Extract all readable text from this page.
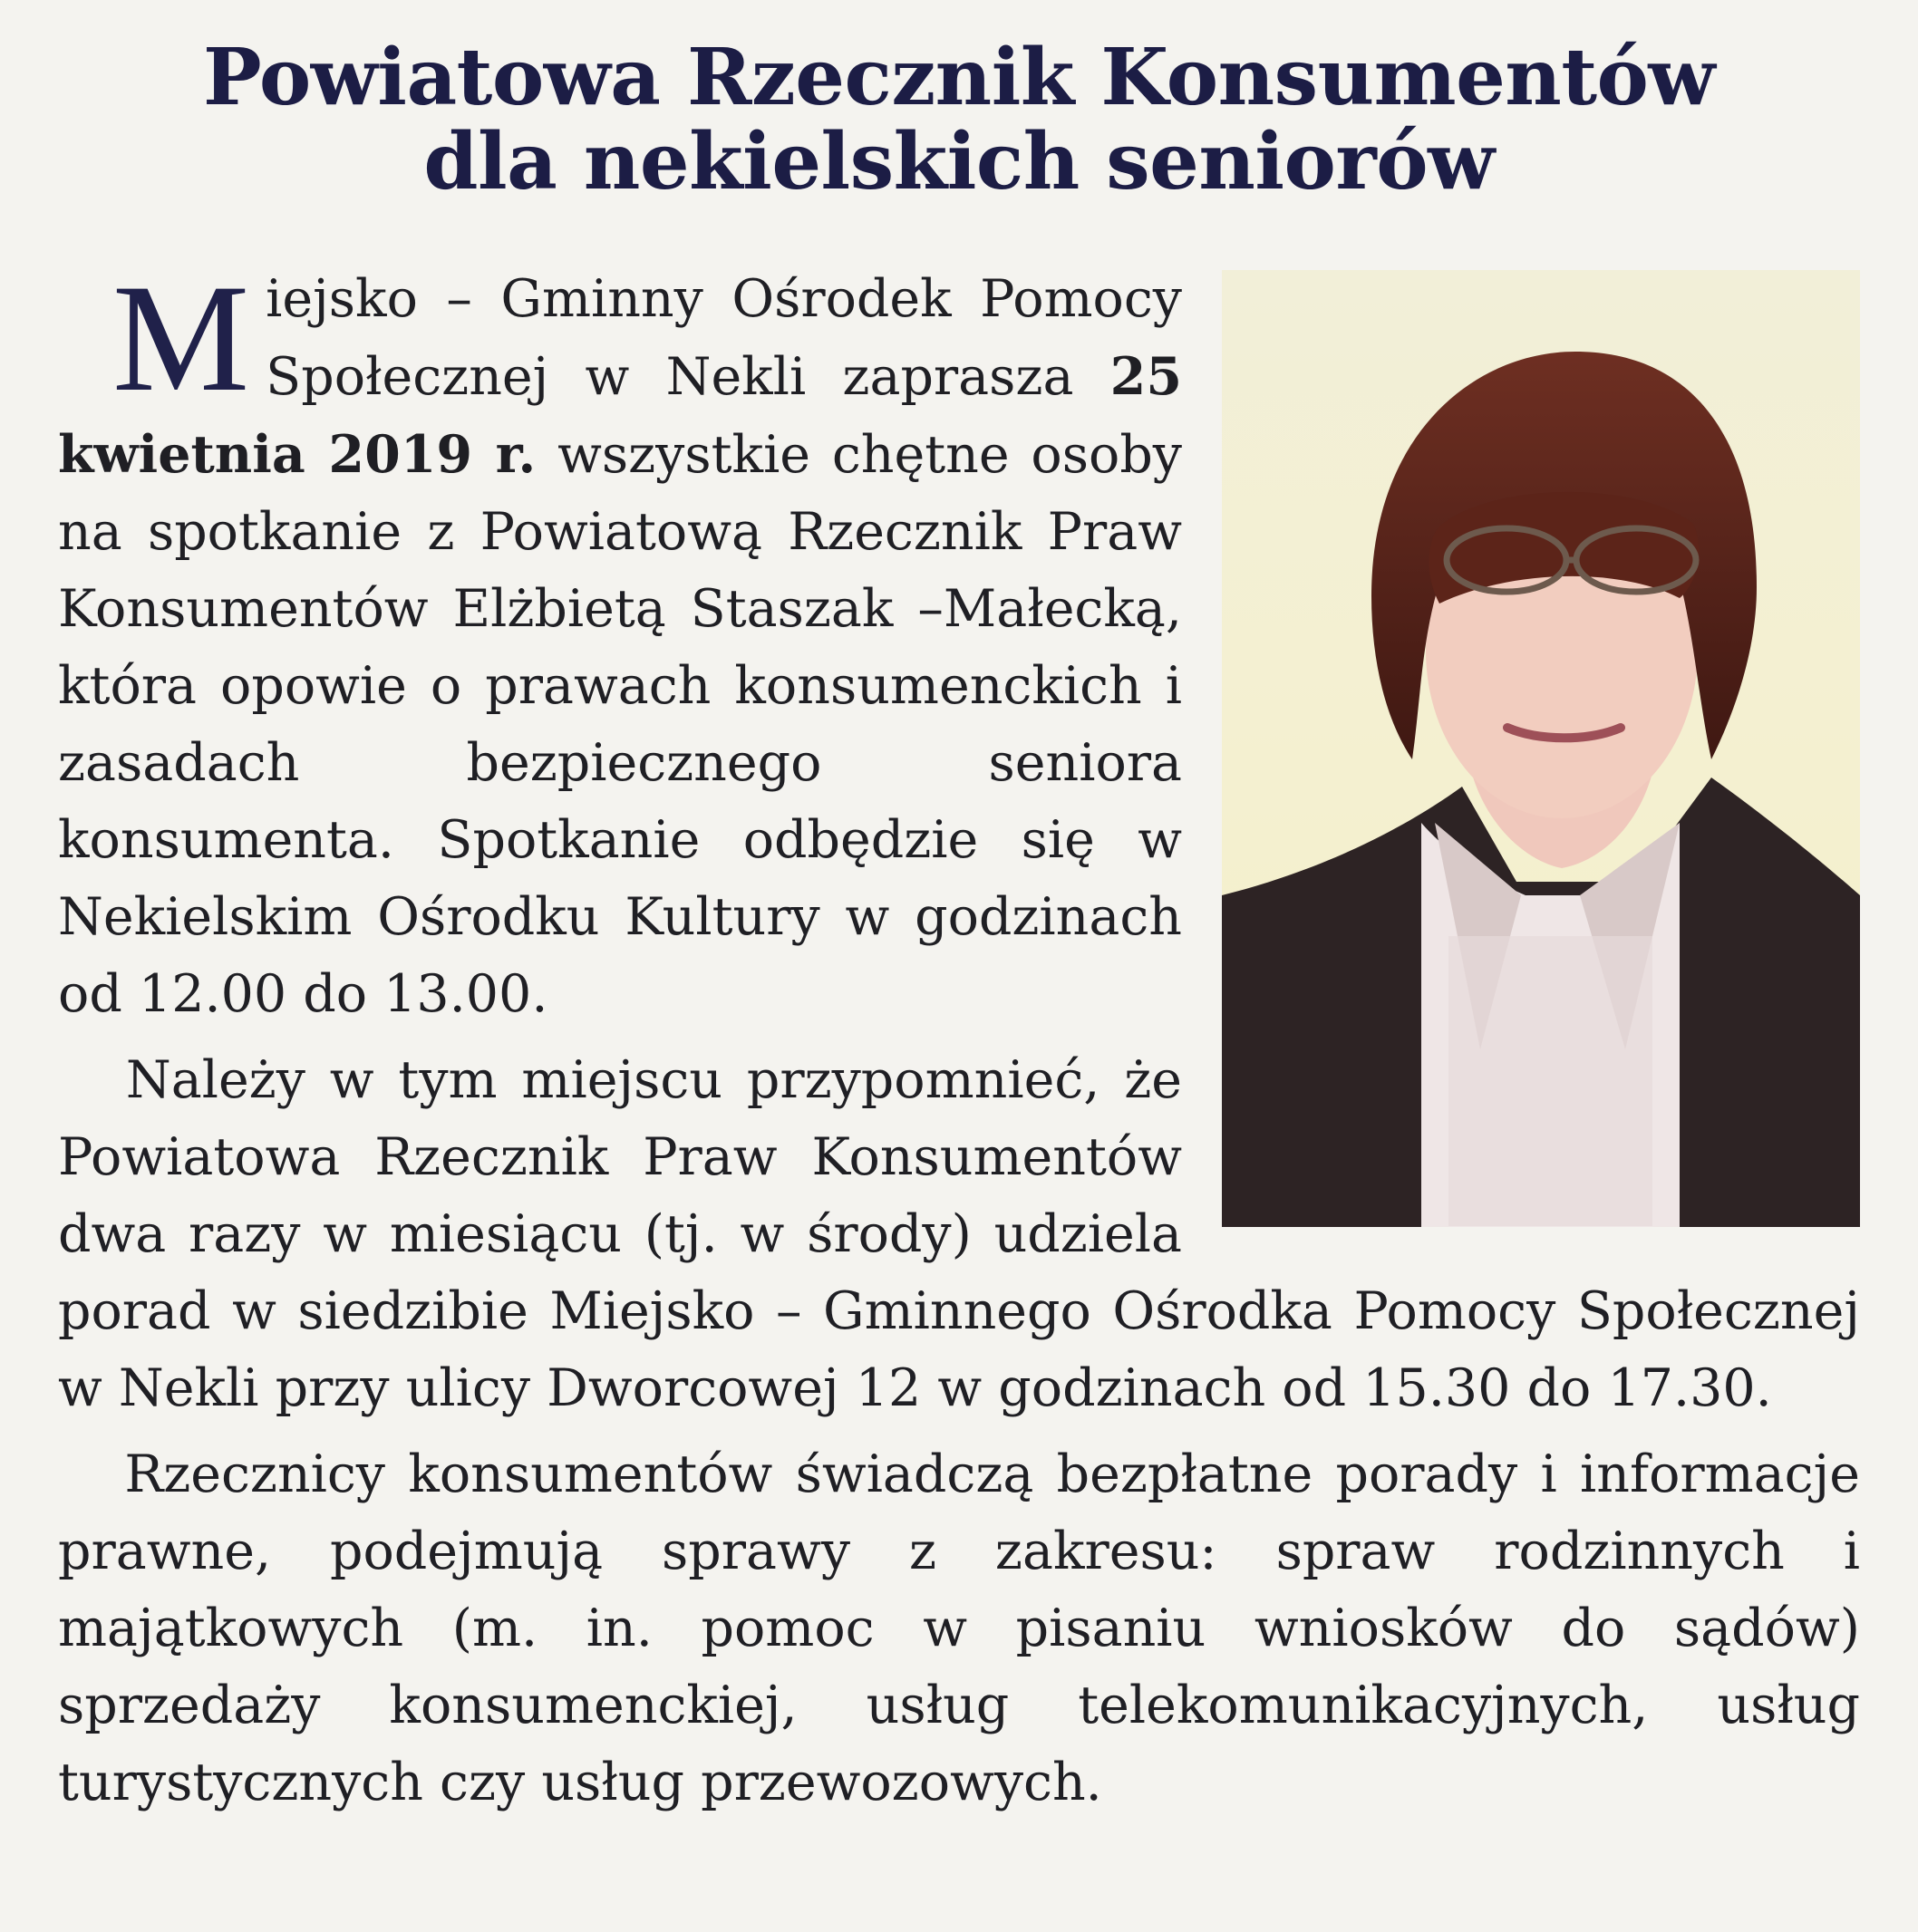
Powiatowa Rzecznik Konsumentów
dla nekielskich seniorów

Miejsko – Gminny Ośrodek Pomocy Społecznej w Nekli zaprasza 25 kwietnia 2019 r. wszystkie chętne osoby na spotkanie z Powiatową Rzecznik Praw Konsumentów Elżbietą Staszak –Małecką, która opowie o prawach konsumenckich i zasadach bezpiecznego seniora konsumenta. Spotkanie odbędzie się w Nekielskim Ośrodku Kultury w godzinach od 12.00 do 13.00.

Należy w tym miejscu przypomnieć, że Powiatowa Rzecznik Praw Konsumentów dwa razy w miesiącu (tj. w środy) udziela porad w siedzibie Miejsko – Gminnego Ośrodka Pomocy Społecznej w Nekli przy ulicy Dworcowej 12 w godzinach od 15.30 do 17.30.

Rzecznicy konsumentów świadczą bezpłatne porady i informacje prawne, podejmują sprawy z zakresu: spraw rodzinnych i majątkowych (m. in. pomoc w pisaniu wniosków do sądów) sprzedaży konsumenckiej, usług telekomunikacyjnych, usług turystycznych czy usług przewozowych.
